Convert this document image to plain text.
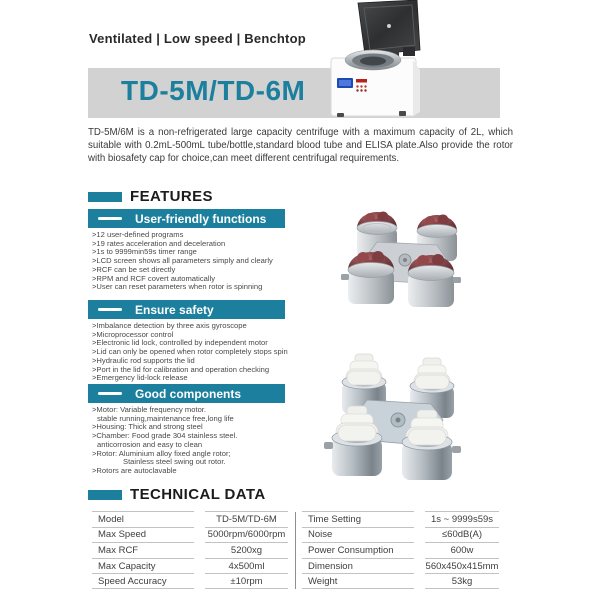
Ventilated | Low speed | Benchtop
TD-5M/TD-6M
TD-5M/6M is a non-refrigerated large capacity centrifuge with a maximum capacity of 2L, which suitable with 0.2mL-500mL tube/bottle,standard blood tube and ELISA plate.Also provide the rotor with biosafety cap for choice,can meet different centrifugal requirements.
FEATURES
User-friendly functions
>12 user-defined programs
>19 rates acceleration and deceleration
>1s to 9999min59s timer range
>LCD screen shows all parameters simply and clearly
>RCF can be set directly
>RPM and RCF covert automatically
>User can reset parameters when rotor is spinning
Ensure safety
>Imbalance detection by three axis gyroscope
>Microprocessor control
>Electronic lid lock, controlled by independent motor
>Lid can only be opened when rotor completely stops spin
>Hydraulic rod supports the lid
>Port in the lid for calibration and operation checking
>Emergency lid-lock release
Good components
>Motor: Variable frequency motor.
stable running,maintenance free,long life
>Housing: Thick and strong steel
>Chamber: Food grade 304 stainless steel.
anticorrosion and easy to clean
>Rotor: Aluminium alloy fixed angle rotor;
Stainless steel swing out rotor.
>Rotors are autoclavable
TECHNICAL DATA
Model	TD-5M/TD-6M
Max Speed	5000rpm/6000rpm
Max RCF	5200xg
Max Capacity	4x500ml
Speed Accuracy	±10rpm
Time Setting	1s ~ 9999s59s
Noise	≤60dB(A)
Power Consumption	600w
Dimension	560x450x415mm
Weight	53kg
